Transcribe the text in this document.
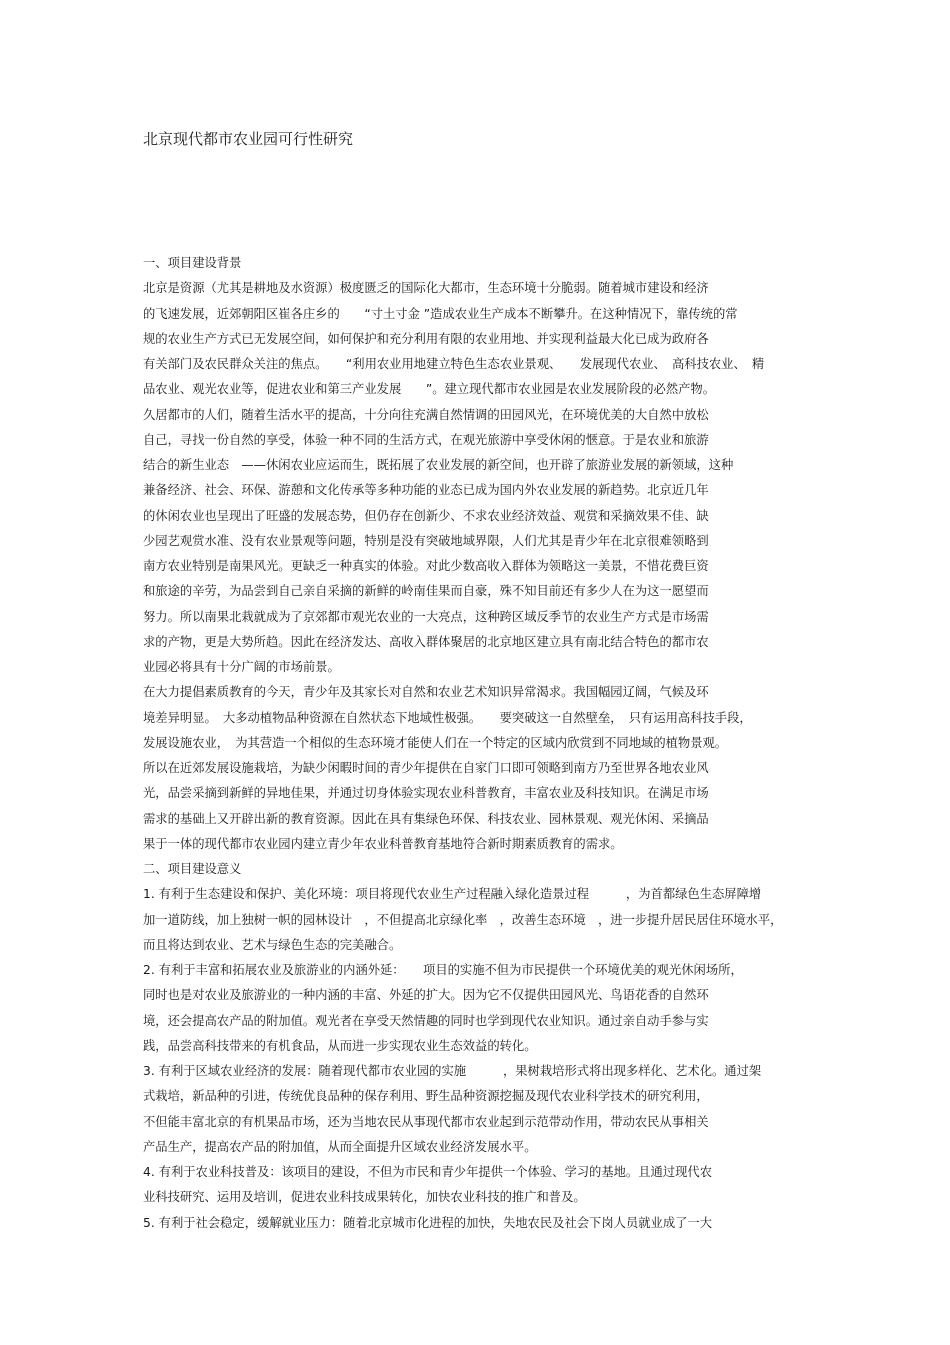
北京现代都市农业园可行性研究
一、项目建设背景
北京是资源（尤其是耕地及水资源）极度匮乏的国际化大都市，生态环境十分脆弱。随着城市建设和经济
的飞速发展，近郊朝阳区崔各庄乡的　　“寸土寸金 ”造成农业生产成本不断攀升。在这种情况下，靠传统的常
规的农业生产方式已无发展空间，如何保护和充分利用有限的农业用地、并实现利益最大化已成为政府各
有关部门及农民群众关注的焦点。　　“利用农业用地建立特色生态农业景观、　　发展现代农业、　高科技农业、　精
品农业、观光农业等，促进农业和第三产业发展　　”。建立现代都市农业园是农业发展阶段的必然产物。
久居都市的人们，随着生活水平的提高，十分向往充满自然情调的田园风光，在环境优美的大自然中放松
自己，寻找一份自然的享受，体验一种不同的生活方式，在观光旅游中享受休闲的惬意。于是农业和旅游
结合的新生业态　——休闲农业应运而生，既拓展了农业发展的新空间，也开辟了旅游业发展的新领域，这种
兼备经济、社会、环保、游憩和文化传承等多种功能的业态已成为国内外农业发展的新趋势。北京近几年
的休闲农业也呈现出了旺盛的发展态势，但仍存在创新少、不求农业经济效益、观赏和采摘效果不佳、缺
少园艺观赏水准、没有农业景观等问题，特别是没有突破地域界限，人们尤其是青少年在北京很难领略到
南方农业特别是南果风光。更缺乏一种真实的体验。对此少数高收入群体为领略这一美景，不惜花费巨资
和旅途的辛劳，为品尝到自己亲自采摘的新鲜的岭南佳果而自豪，殊不知目前还有多少人在为这一愿望而
努力。所以南果北栽就成为了京郊都市观光农业的一大亮点，这种跨区域反季节的农业生产方式是市场需
求的产物，更是大势所趋。因此在经济发达、高收入群体聚居的北京地区建立具有南北结合特色的都市农
业园必将具有十分广阔的市场前景。
在大力提倡素质教育的今天，青少年及其家长对自然和农业艺术知识异常渴求。我国幅园辽阔，气候及环
境差异明显。　大多动植物品种资源在自然状态下地域性极强。　　要突破这一自然壁垒，　只有运用高科技手段，
发展设施农业，　为其营造一个相似的生态环境才能使人们在一个特定的区域内欣赏到不同地域的植物景观。
所以在近郊发展设施栽培，为缺少闲暇时间的青少年提供在自家门口即可领略到南方乃至世界各地农业风
光，品尝采摘到新鲜的异地佳果，并通过切身体验实现农业科普教育，丰富农业及科技知识。在满足市场
需求的基础上又开辟出新的教育资源。因此在具有集绿色环保、科技农业、园林景观、观光休闲、采摘品
果于一体的现代都市农业园内建立青少年农业科普教育基地符合新时期素质教育的需求。
二、项目建设意义
1. 有利于生态建设和保护、美化环境：项目将现代农业生产过程融入绿化造景过程　　　，为首都绿色生态屏障增
加一道防线，加上独树一帜的园林设计　，不但提高北京绿化率　，改善生态环境　，进一步提升居民居住环境水平，
而且将达到农业、艺术与绿色生态的完美融合。
2. 有利于丰富和拓展农业及旅游业的内涵外延：　　项目的实施不但为市民提供一个环境优美的观光休闲场所，
同时也是对农业及旅游业的一种内涵的丰富、外延的扩大。因为它不仅提供田园风光、鸟语花香的自然环
境，还会提高农产品的附加值。观光者在享受天然情趣的同时也学到现代农业知识。通过亲自动手参与实
践，品尝高科技带来的有机食品，从而进一步实现农业生态效益的转化。
3. 有利于区域农业经济的发展：随着现代都市农业园的实施　　　，果树栽培形式将出现多样化、艺术化。通过架
式栽培，新品种的引进，传统优良品种的保存利用、野生品种资源挖掘及现代农业科学技术的研究利用，
不但能丰富北京的有机果品市场，还为当地农民从事现代都市农业起到示范带动作用，带动农民从事相关
产品生产，提高农产品的附加值，从而全面提升区域农业经济发展水平。
4. 有利于农业科技普及：该项目的建设，不但为市民和青少年提供一个体验、学习的基地。且通过现代农
业科技研究、运用及培训，促进农业科技成果转化，加快农业科技的推广和普及。
5. 有利于社会稳定，缓解就业压力：随着北京城市化进程的加快，失地农民及社会下岗人员就业成了一大
